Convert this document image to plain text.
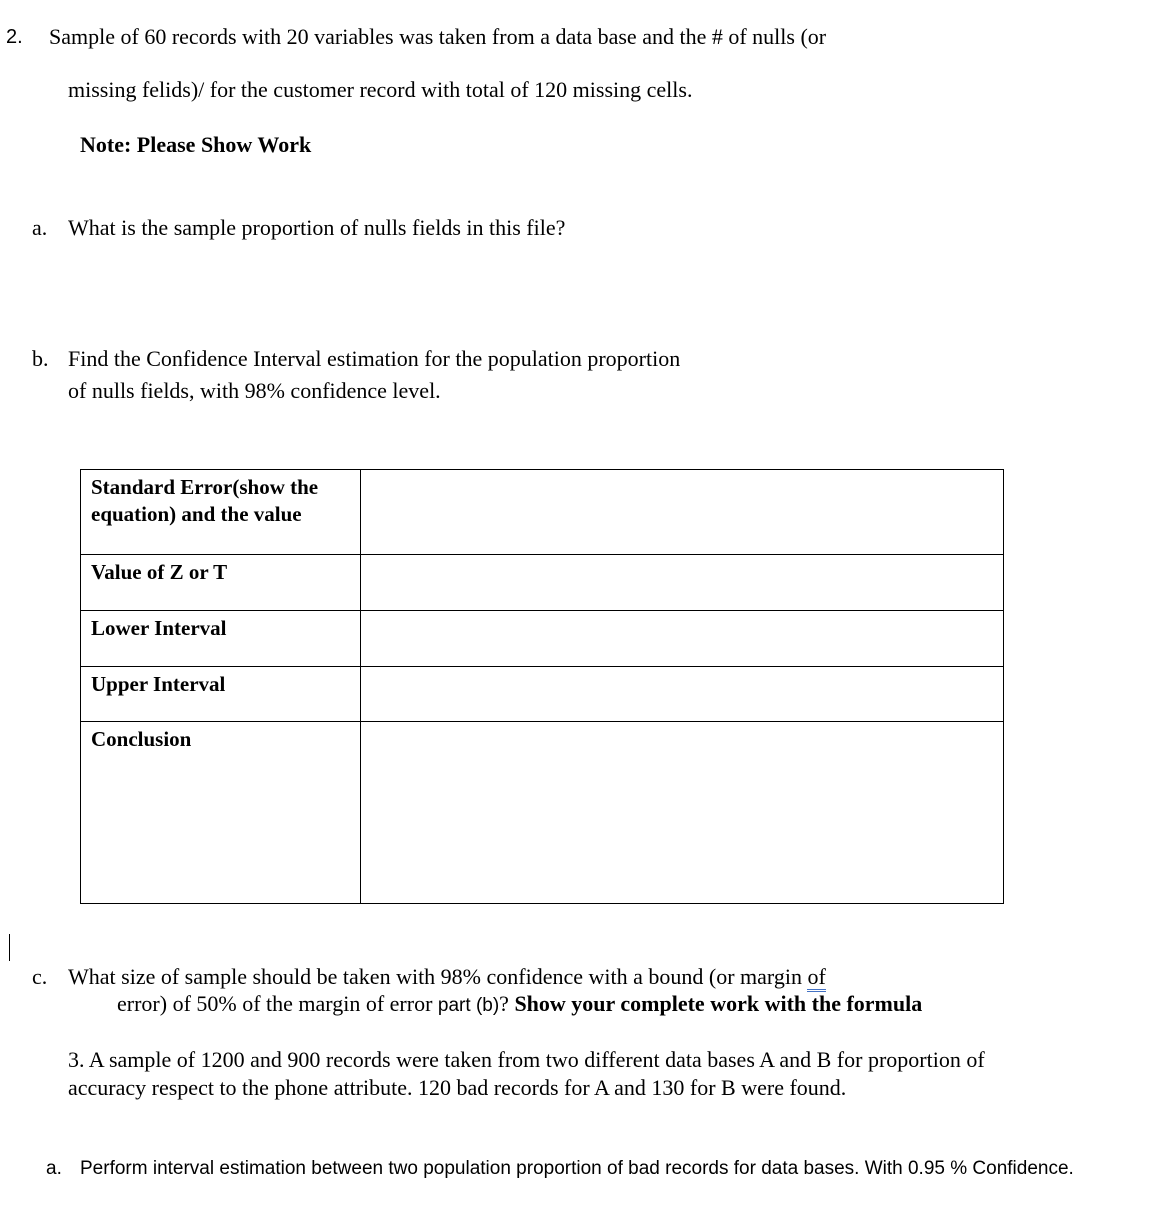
2. Sample of 60 records with 20 variables was taken from a data base and the # of nulls (or
missing felids)/ for the customer record with total of 120 missing cells.
Note: Please Show Work
a. What is the sample proportion of nulls fields in this file?
b. Find the Confidence Interval estimation for the population proportion
of nulls fields, with 98% confidence level.
Standard Error(show the equation) and the value	
Value of Z or T	
Lower Interval	
Upper Interval	
Conclusion	
c. What size of sample should be taken with 98% confidence with a bound (or margin of
error) of 50% of the margin of error part (b)? Show your complete work with the formula
3. A sample of 1200 and 900 records were taken from two different data bases A and B for proportion of
accuracy respect to the phone attribute. 120 bad records for A and 130 for B were found.
a. Perform interval estimation between two population proportion of bad records for data bases. With 0.95 % Confidence.
